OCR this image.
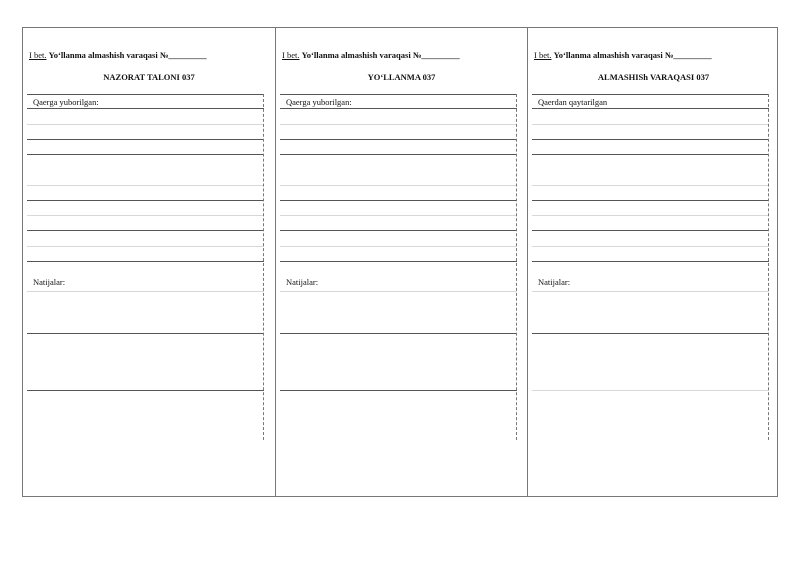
I bet. Yo‘llanma almashish varaqasi №_________
NAZORAT TALONI 037
Qaerga yuborilgan:
Natijalar:
I bet. Yo‘llanma almashish varaqasi №_________
YO‘LLANMA 037
Qaerga yuborilgan:
Natijalar:
I bet. Yo‘llanma almashish varaqasi №_________
ALMASHISh VARAQASI 037
Qaerdan qaytarilgan
Natijalar:
